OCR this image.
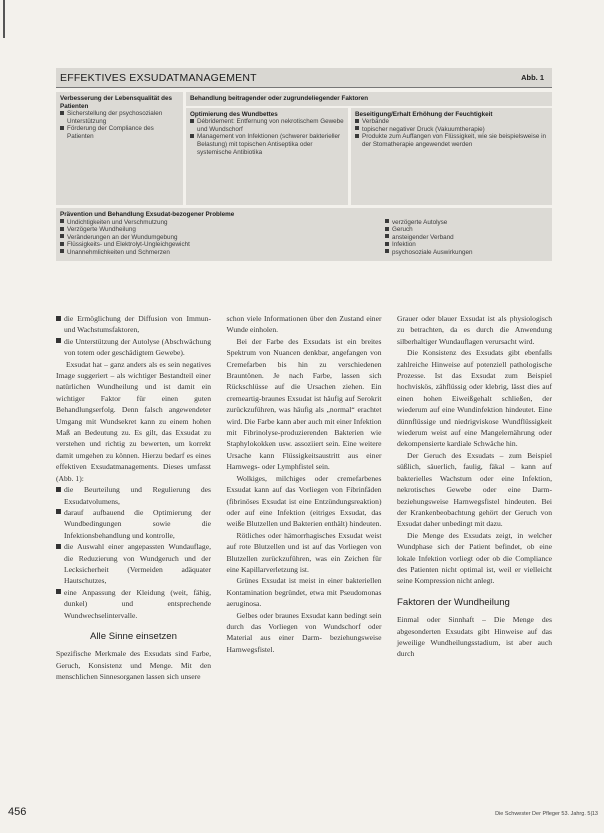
EFFEKTIVES EXSUDATMANAGEMENT	Abb. 1
Verbesserung der Lebensqualität des Patienten
Sicherstellung der psychosozialen Unterstützung
Förderung der Compliance des Patienten
Behandlung beitragender oder zugrundeliegender Faktoren
Optimierung des Wundbettes
Débridement: Entfernung von nekrotischem Gewebe und Wundschorf
Management von Infektionen (schwerer bakterieller Belastung) mit topischen Antiseptika oder systemische Antibiotika
Beseitigung/Erhalt Erhöhung der Feuchtigkeit
Verbände
topischer negativer Druck (Vakuumtherapie)
Produkte zum Auffangen von Flüssigkeit, wie sie beispielsweise in der Stomatherapie angewendet werden
Prävention und Behandlung Exsudat-bezogener Probleme
Undichtigkeiten und Verschmutzung
Verzögerte Wundheilung
Veränderungen an der Wundumgebung
Flüssigkeits- und Elektrolyt-Ungleichgewicht
Unannehmlichkeiten und Schmerzen
verzögerte Autolyse
Geruch
ansteigender Verband
Infektion
psychosoziale Auswirkungen
die Ermöglichung der Diffusion von Immun- und Wachstumsfaktoren,
die Unterstützung der Autolyse (Abschwächung von totem oder geschädigtem Gewebe).

Exsudat hat – ganz anders als es sein negatives Image suggeriert – als wichtiger Bestandteil einer natürlichen Wundheilung und ist damit ein wichtiger Faktor für einen guten Behandlungserfolg. Denn falsch angewendeter Umgang mit Wundsekret kann zu einem hohen Maß an Bedeutung zu. Es gilt, das Exsudat zu verstehen und richtig zu bewerten, um korrekt damit umgehen zu können. Hierzu bedarf es eines effektiven Exsudatmanagements. Dieses umfasst (Abb. 1):

die Beurteilung und Regulierung des Exsudatvolumens,
darauf aufbauend die Optimierung der Wundbedingungen sowie die Infektionsbehandlung und kontrolle,
die Auswahl einer angepassten Wundauflage, die Reduzierung von Wundgeruch und der Lecksicherheit (Vermeiden adäquater Hautschutzes,
eine Anpassung der Kleidung (weit, fähig, dunkel) und entsprechende Wundwechselintervalle.
Alle Sinne einsetzen

Spezifische Merkmale des Exsudats sind Farbe, Geruch, Konsistenz und Menge. Mit den menschlichen Sinnesorganen lassen sich unsere

schon viele Informationen über den Zustand einer Wunde einholen.

Bei der Farbe des Exsudats ist ein breites Spektrum von Nuancen denkbar, angefangen von Cremefarben bis hin zu verschiedenen Brauntönen. Je nach Farbe, lassen sich Rückschlüsse auf die Ursachen ziehen. Ein cremeartig-braunes Exsudat ist häufig auf Serokrit zurückzuführen, was häufig als „normal“ erachtet wird. Die Farbe kann aber auch mit einer Infektion mit Fibrinolyse-produzierenden Bakterien wie Staphylokokken usw. assoziiert sein. Eine weitere Ursache kann Flüssigkeitsaustritt aus einer Harnwegs- oder Lymphfistel sein.

Wolkiges, milchiges oder cremefarbenes Exsudat kann auf das Vorliegen von Fibrinfäden (fibrinöses Exsudat ist eine Entzündungsreaktion) oder auf eine Infektion (eitriges Exsudat, das weiße Blutzellen und Bakterien enthält) hindeuten.

Rötliches oder hämorrhagisches Exsudat weist auf rote Blutzellen und ist auf das Vorliegen von Blutzellen zurückzuführen, was ein Zeichen für eine Kapillarverletzung ist.

Grünes Exsudat ist meist in einer bakteriellen Kontamination begründet, etwa mit Pseudomonas aeruginosa.

Gelbes oder braunes Exsudat kann bedingt sein durch das Vorliegen von Wundschorf oder Material aus einer Darm- beziehungsweise Harnwegsfistel.

Grauer oder blauer Exsudat ist als physiologisch zu betrachten, da es durch die Anwendung silberhaltiger Wundauflagen verursacht wird.

Die Konsistenz des Exsudats gibt ebenfalls zahlreiche Hinweise auf potenziell pathologische Prozesse. Ist das Exsudat zum Beispiel hochviskös, zähflüssig oder klebrig, lässt dies auf einen hohen Eiweißgehalt schließen, der wiederum auf eine Wundinfektion hindeutet. Eine dünnflüssige und niedrigviskose Wundflüssigkeit wiederum weist auf eine Mangelernährung oder dekompensierte kardiale Schwäche hin.

Der Geruch des Exsudats – zum Beispiel süßlich, säuerlich, faulig, fäkal – kann auf bakterielles Wachstum oder eine Infektion, nekrotisches Gewebe oder eine Darm- beziehungsweise Harnwegsfistel hindeuten. Bei der Krankenbeobachtung gehört der Geruch von Exsudat daher unbedingt mit dazu.

Die Menge des Exsudats zeigt, in welcher Wundphase sich der Patient befindet, ob eine lokale Infektion vorliegt oder ob die Compliance des Patienten nicht optimal ist, weil er vielleicht seine Kompression nicht anlegt.

Faktoren der Wundheilung

Einmal oder Sinnhaft – Die Menge des abgesonderten Exsudats gibt Hinweise auf das jeweilige Wundheilungsstadium, ist aber auch durch

456	Die Schwester Der Pfleger 53. Jahrg. 5|13
